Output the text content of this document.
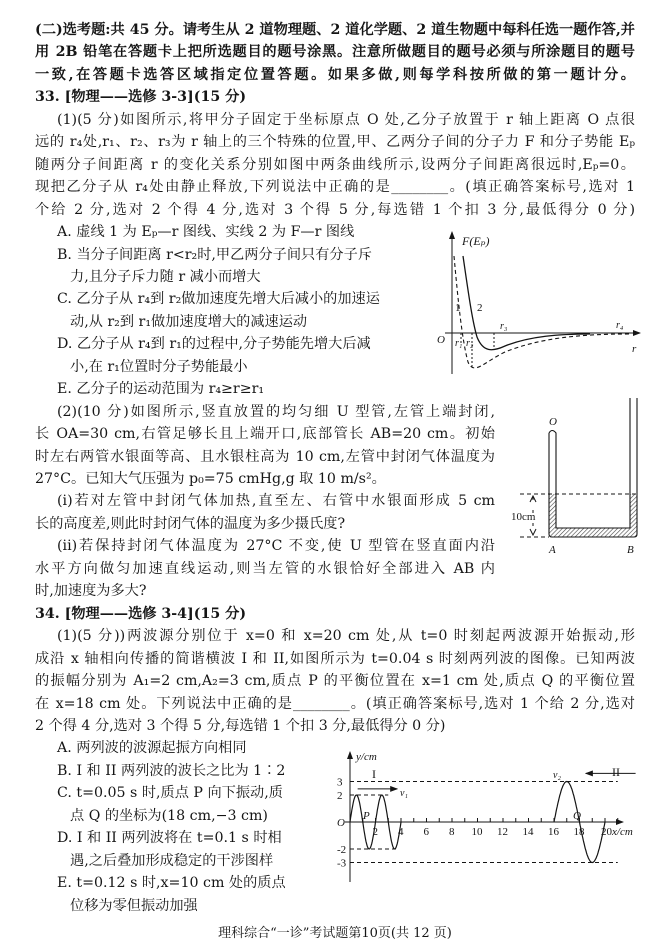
(二)选考题:共 45 分。请考生从 2 道物理题、2 道化学题、2 道生物题中每科任选一题作答,并
用 2B 铅笔在答题卡上把所选题目的题号涂黑。注意所做题目的题号必须与所涂题目的题号
一致,在答题卡选答区域指定位置答题。如果多做,则每学科按所做的第一题计分。
33. [物理——选修 3-3](15 分)
(1)(5 分)如图所示,将甲分子固定于坐标原点 O 处,乙分子放置于 r 轴上距离 O 点很
远的 r₄处,r₁、r₂、r₃为 r 轴上的三个特殊的位置,甲、乙两分子间的分子力 F 和分子势能 Eₚ
随两分子间距离 r 的变化关系分别如图中两条曲线所示,设两分子间距离很远时,Eₚ=0。
现把乙分子从 r₄处由静止释放,下列说法中正确的是________。(填正确答案标号,选对 1
个给 2 分,选对 2 个得 4 分,选对 3 个得 5 分,每选错 1 个扣 3 分,最低得分 0 分)
A. 虚线 1 为 Eₚ—r 图线、实线 2 为 F—r 图线
B. 当分子间距离 r<r₂时,甲乙两分子间只有分子斥
力,且分子斥力随 r 减小而增大
C. 乙分子从 r₄到 r₂做加速度先增大后减小的加速运
动,从 r₂到 r₁做加速度增大的减速运动
D. 乙分子从 r₄到 r₁的过程中,分子势能先增大后减
小,在 r₁位置时分子势能最小
E. 乙分子的运动范围为 r₄≥r≥r₁
(2)(10 分)如图所示,竖直放置的均匀细 U 型管,左管上端封闭,
长 OA=30 cm,右管足够长且上端开口,底部管长 AB=20 cm。初始
时左右两管水银面等高、且水银柱高为 10 cm,左管中封闭气体温度为
27°C。已知大气压强为 p₀=75 cmHg,g 取 10 m/s²。
(i)若对左管中封闭气体加热,直至左、右管中水银面形成 5 cm
长的高度差,则此时封闭气体的温度为多少摄氏度?
(ii)若保持封闭气体温度为 27°C 不变,使 U 型管在竖直面内沿
水平方向做匀加速直线运动,则当左管的水银恰好全部进入 AB 内
时,加速度为多大?
34. [物理——选修 3-4](15 分)
(1)(5 分))两波源分别位于 x=0 和 x=20 cm 处,从 t=0 时刻起两波源开始振动,形
成沿 x 轴相向传播的简谐横波 I 和 II,如图所示为 t=0.04 s 时刻两列波的图像。已知两波
的振幅分别为 A₁=2 cm,A₂=3 cm,质点 P 的平衡位置在 x=1 cm 处,质点 Q 的平衡位置
在 x=18 cm 处。下列说法中正确的是________。(填正确答案标号,选对 1 个给 2 分,选对
2 个得 4 分,选对 3 个得 5 分,每选错 1 个扣 3 分,最低得分 0 分)
A. 两列波的波源起振方向相同
B. I 和 II 两列波的波长之比为 1∶2
C. t=0.05 s 时,质点 P 向下振动,质
点 Q 的坐标为(18 cm,−3 cm)
D. I 和 II 两列波将在 t=0.1 s 时相
遇,之后叠加形成稳定的干涉图样
E. t=0.12 s 时,x=10 cm 处的质点
位移为零但振动加强
F(Eₚ)
O
r
1 2
r₁ r₂
r₃	r₄
O
10cm
A	B
3
2
-2
-3
2 4 6 8 10 12 14 16 18 20
y/cm
x/cm
O
I	II
v₁
v₂
P	Q
理科综合“一诊”考试题第10页(共 12 页)
